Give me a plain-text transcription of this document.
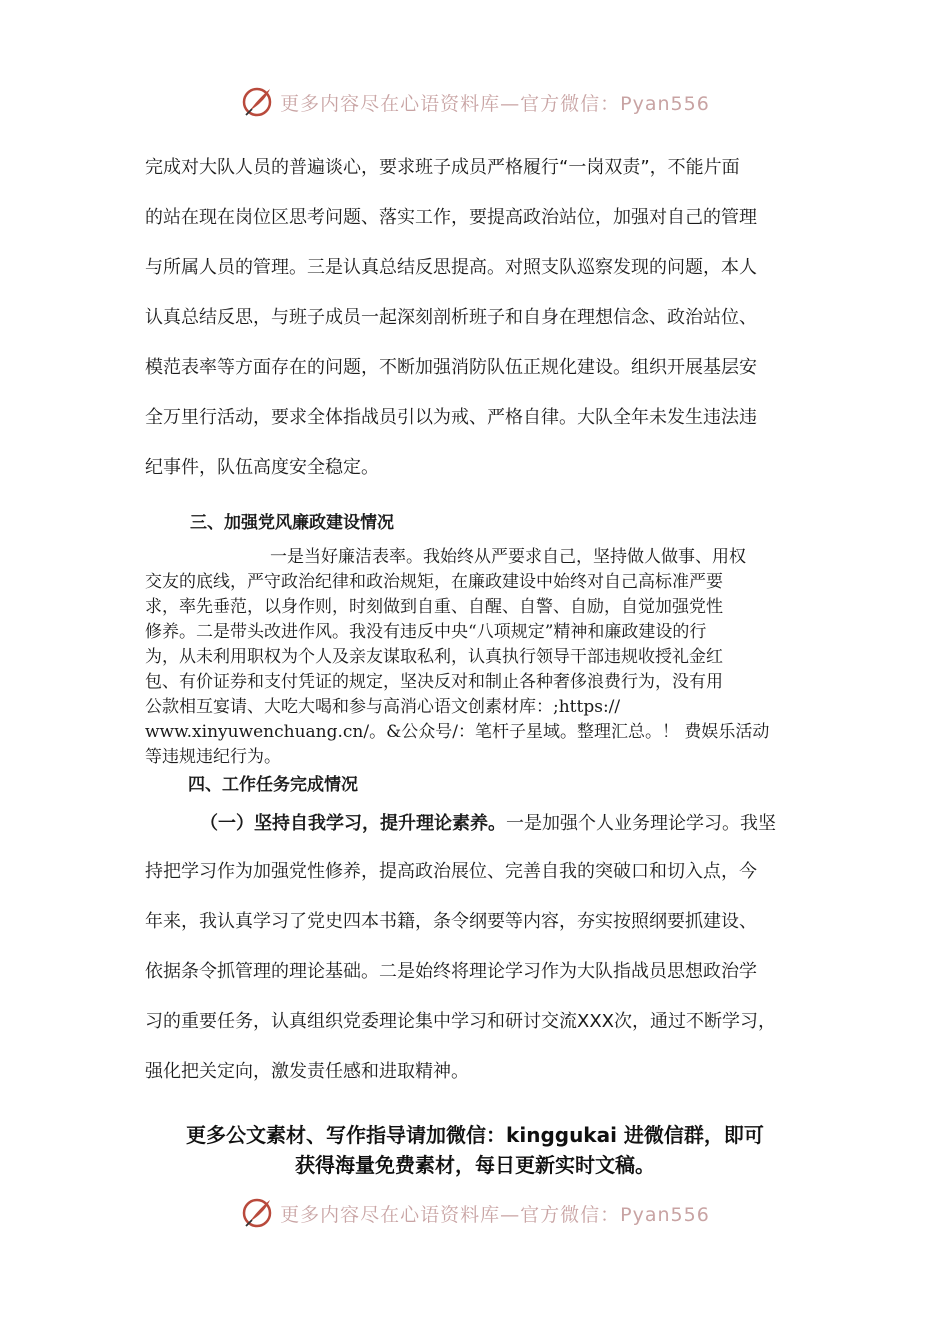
更多内容尽在心语资料库—官方微信：Pyan556

完成对大队人员的普遍谈心，要求班子成员严格履行“一岗双责”，不能片面

的站在现在岗位区思考问题、落实工作，要提高政治站位，加强对自己的管理

与所属人员的管理。三是认真总结反思提高。对照支队巡察发现的问题，本人

认真总结反思，与班子成员一起深刻剖析班子和自身在理想信念、政治站位、

模范表率等方面存在的问题，不断加强消防队伍正规化建设。组织开展基层安

全万里行活动，要求全体指战员引以为戒、严格自律。大队全年未发生违法违

纪事件，队伍高度安全稳定。

三、加强党风廉政建设情况

一是当好廉洁表率。我始终从严要求自己，坚持做人做事、用权

交友的底线，严守政治纪律和政治规矩，在廉政建设中始终对自己高标准严要

求，率先垂范，以身作则，时刻做到自重、自醒、自警、自励，自觉加强党性

修养。二是带头改进作风。我没有违反中央“八项规定”精神和廉政建设的行

为，从未利用职权为个人及亲友谋取私利，认真执行领导干部违规收授礼金红

包、有价证券和支付凭证的规定，坚决反对和制止各种奢侈浪费行为，没有用

公款相互宴请、大吃大喝和参与高消心语文创素材库：;https://

www.xinyuwenchuang.cn/。&公众号/：笔杆子星域。整理汇总。！ 费娱乐活动

等违规违纪行为。

四、工作任务完成情况

（一）坚持自我学习，提升理论素养。一是加强个人业务理论学习。我坚

持把学习作为加强党性修养，提高政治展位、完善自我的突破口和切入点，今

年来，我认真学习了党史四本书籍，条令纲要等内容，夯实按照纲要抓建设、

依据条令抓管理的理论基础。二是始终将理论学习作为大队指战员思想政治学

习的重要任务，认真组织党委理论集中学习和研讨交流XXX次，通过不断学习，

强化把关定向，激发责任感和进取精神。

更多公文素材、写作指导请加微信：kinggukai 进微信群，即可

获得海量免费素材，每日更新实时文稿。

更多内容尽在心语资料库—官方微信：Pyan556
